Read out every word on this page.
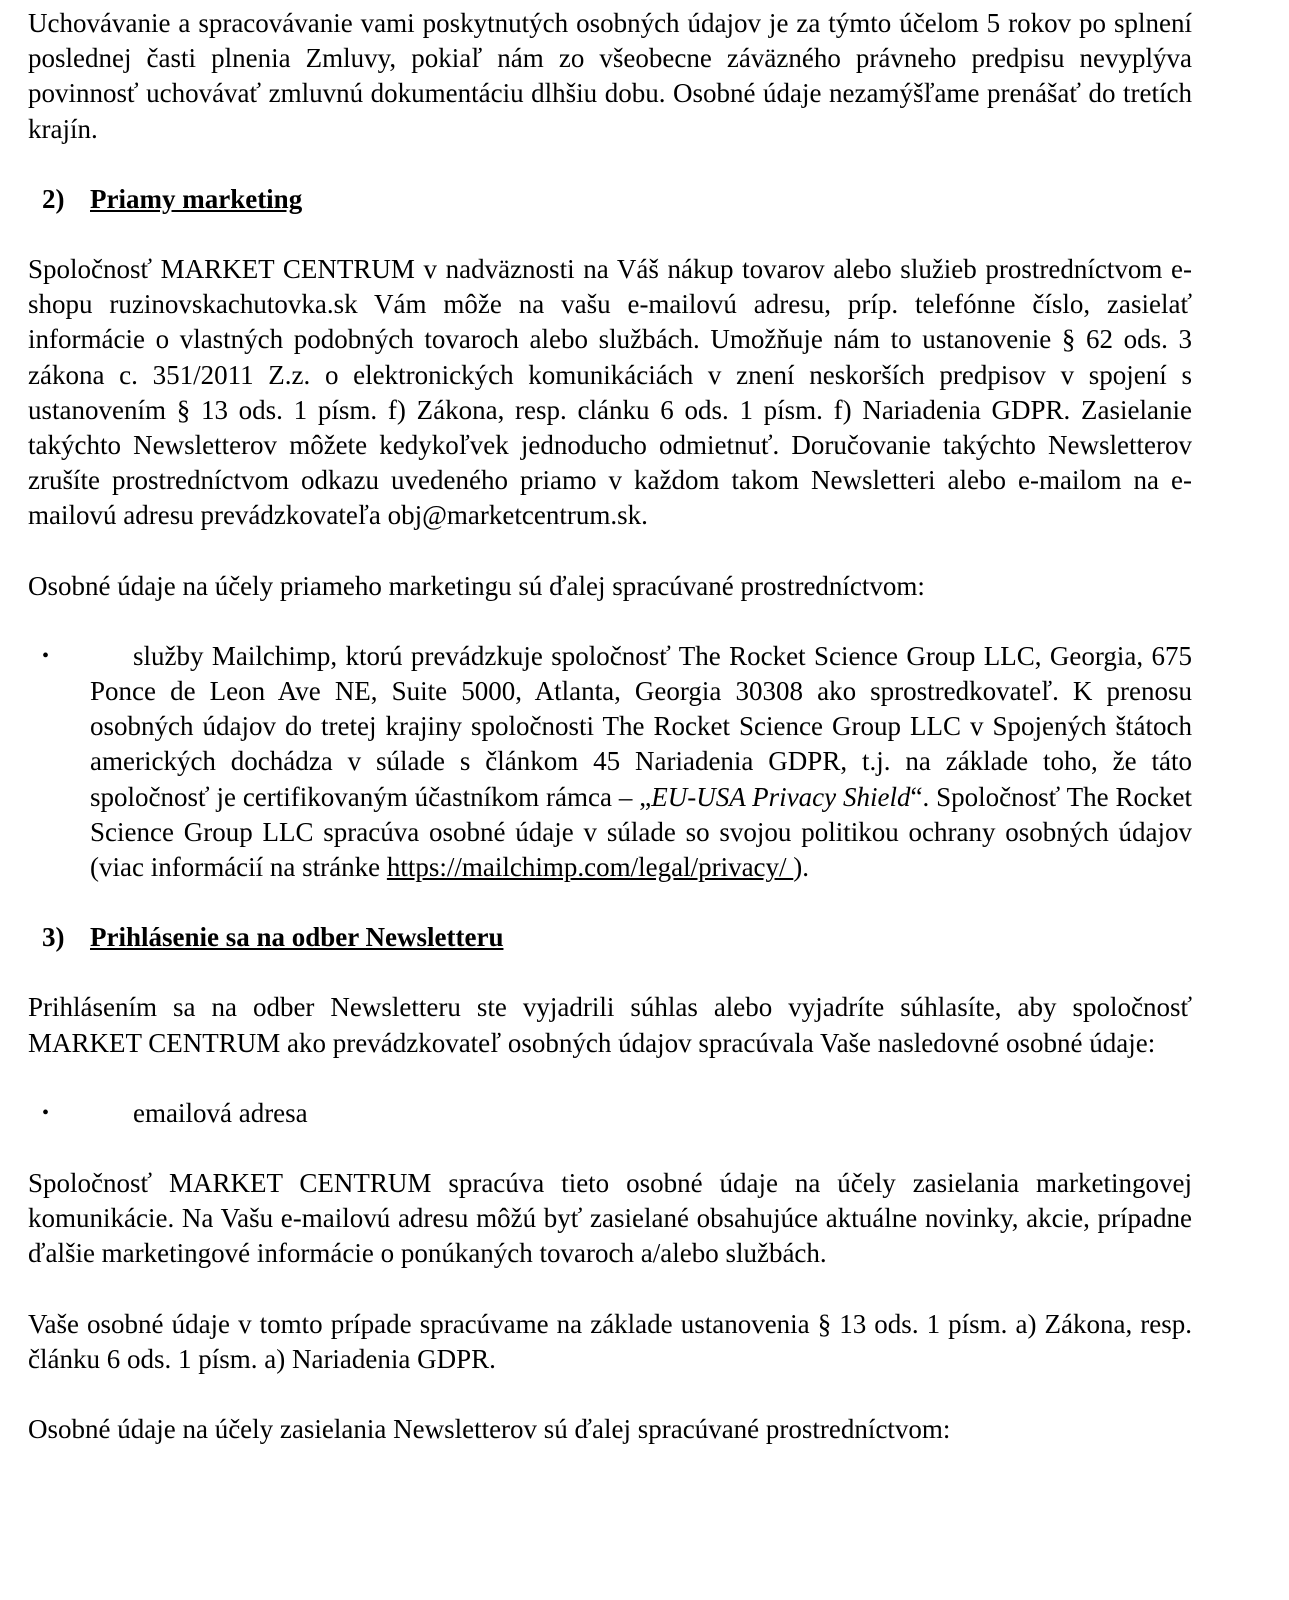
Uchovávanie a spracovávanie vami poskytnutých osobných údajov je za týmto účelom 5 rokov po splnení poslednej časti plnenia Zmluvy, pokiaľ nám zo všeobecne záväzného právneho predpisu nevyplýva povinnosť uchovávať zmluvnú dokumentáciu dlhšiu dobu. Osobné údaje nezamýšľame prenášať do tretích krajín.

2) Priamy marketing

Spoločnosť MARKET CENTRUM v nadväznosti na Váš nákup tovarov alebo služieb prostredníctvom e-shopu ruzinovskachutovka.sk Vám môže na vašu e-mailovú adresu, príp. telefónne číslo, zasielať informácie o vlastných podobných tovaroch alebo službách. Umožňuje nám to ustanovenie § 62 ods. 3 zákona c. 351/2011 Z.z. o elektronických komunikáciách v znení neskorších predpisov v spojení s ustanovením § 13 ods. 1 písm. f) Zákona, resp. clánku 6 ods. 1 písm. f) Nariadenia GDPR. Zasielanie takýchto Newsletterov môžete kedykoľvek jednoducho odmietnuť. Doručovanie takýchto Newsletterov zrušíte prostredníctvom odkazu uvedeného priamo v každom takom Newsletteri alebo e-mailom na e-mailovú adresu prevádzkovateľa obj@marketcentrum.sk.

Osobné údaje na účely priameho marketingu sú ďalej spracúvané prostredníctvom:

•	služby Mailchimp, ktorú prevádzkuje spoločnosť The Rocket Science Group LLC, Georgia, 675 Ponce de Leon Ave NE, Suite 5000, Atlanta, Georgia 30308 ako sprostredkovateľ. K prenosu osobných údajov do tretej krajiny spoločnosti The Rocket Science Group LLC v Spojených štátoch amerických dochádza v súlade s článkom 45 Nariadenia GDPR, t.j. na základe toho, že táto spoločnosť je certifikovaným účastníkom rámca – „EU-USA Privacy Shield“. Spoločnosť The Rocket Science Group LLC spracúva osobné údaje v súlade so svojou politikou ochrany osobných údajov (viac informácií na stránke https://mailchimp.com/legal/privacy/ ).

3) Prihlásenie sa na odber Newsletteru

Prihlásením sa na odber Newsletteru ste vyjadrili súhlas alebo vyjadríte súhlasíte, aby spoločnosť MARKET CENTRUM ako prevádzkovateľ osobných údajov spracúvala Vaše nasledovné osobné údaje:

•	emailová adresa

Spoločnosť MARKET CENTRUM spracúva tieto osobné údaje na účely zasielania marketingovej komunikácie. Na Vašu e-mailovú adresu môžú byť zasielané obsahujúce aktuálne novinky, akcie, prípadne ďalšie marketingové informácie o ponúkaných tovaroch a/alebo službách.

Vaše osobné údaje v tomto prípade spracúvame na základe ustanovenia § 13 ods. 1 písm. a) Zákona, resp. článku 6 ods. 1 písm. a) Nariadenia GDPR.

Osobné údaje na účely zasielania Newsletterov sú ďalej spracúvané prostredníctvom:
